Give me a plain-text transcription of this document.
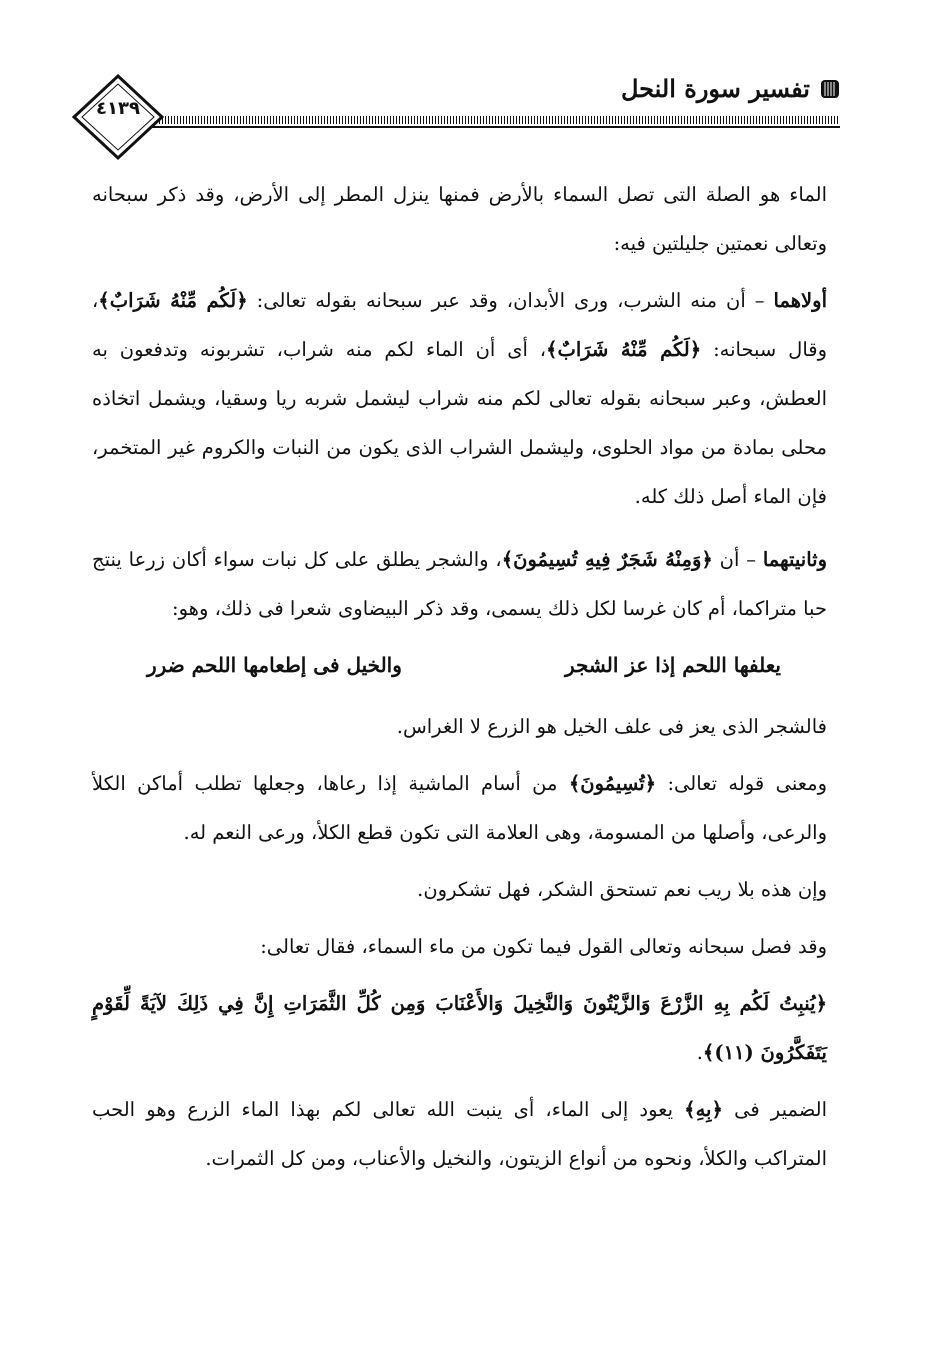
تفسير سورة النحل
٤١٣٩

الماء هو الصلة التى تصل السماء بالأرض فمنها ينزل المطر إلى الأرض، وقد ذكر سبحانه وتعالى نعمتين جليلتين فيه:

أولاهما – أن منه الشرب، ورى الأبدان، وقد عبر سبحانه بقوله تعالى: ﴿لَكُم مِّنْهُ شَرَابٌ﴾، وقال سبحانه: ﴿لَكُم مِّنْهُ شَرَابٌ﴾، أى أن الماء لكم منه شراب، تشربونه وتدفعون به العطش، وعبر سبحانه بقوله تعالى لكم منه شراب ليشمل شربه ريا وسقيا، ويشمل اتخاذه محلى بمادة من مواد الحلوى، وليشمل الشراب الذى يكون من النبات والكروم غير المتخمر، فإن الماء أصل ذلك كله.

وثانيتهما – أن ﴿وَمِنْهُ شَجَرٌ فِيهِ تُسِيمُونَ﴾، والشجر يطلق على كل نبات سواء أكان زرعا ينتج حبا متراكما، أم كان غرسا لكل ذلك يسمى، وقد ذكر البيضاوى شعرا فى ذلك، وهو:

يعلفها اللحم إذا عز الشجر
والخيل فى إطعامها اللحم ضرر

فالشجر الذى يعز فى علف الخيل هو الزرع لا الغراس.

ومعنى قوله تعالى: ﴿تُسِيمُونَ﴾ من أسام الماشية إذا رعاها، وجعلها تطلب أماكن الكلأ والرعى، وأصلها من المسومة، وهى العلامة التى تكون قطع الكلأ، ورعى النعم له.

وإن هذه بلا ريب نعم تستحق الشكر، فهل تشكرون.

وقد فصل سبحانه وتعالى القول فيما تكون من ماء السماء، فقال تعالى:

﴿يُنبِتُ لَكُم بِهِ الزَّرْعَ وَالزَّيْتُونَ وَالنَّخِيلَ وَالأَعْنَابَ وَمِن كُلِّ الثَّمَرَاتِ إِنَّ فِي ذَلِكَ لآيَةً لِّقَوْمٍ يَتَفَكَّرُونَ (١١)﴾.

الضمير فى ﴿بِهِ﴾ يعود إلى الماء، أى ينبت الله تعالى لكم بهذا الماء الزرع وهو الحب المتراكب والكلأ، ونحوه من أنواع الزيتون، والنخيل والأعناب، ومن كل الثمرات.
